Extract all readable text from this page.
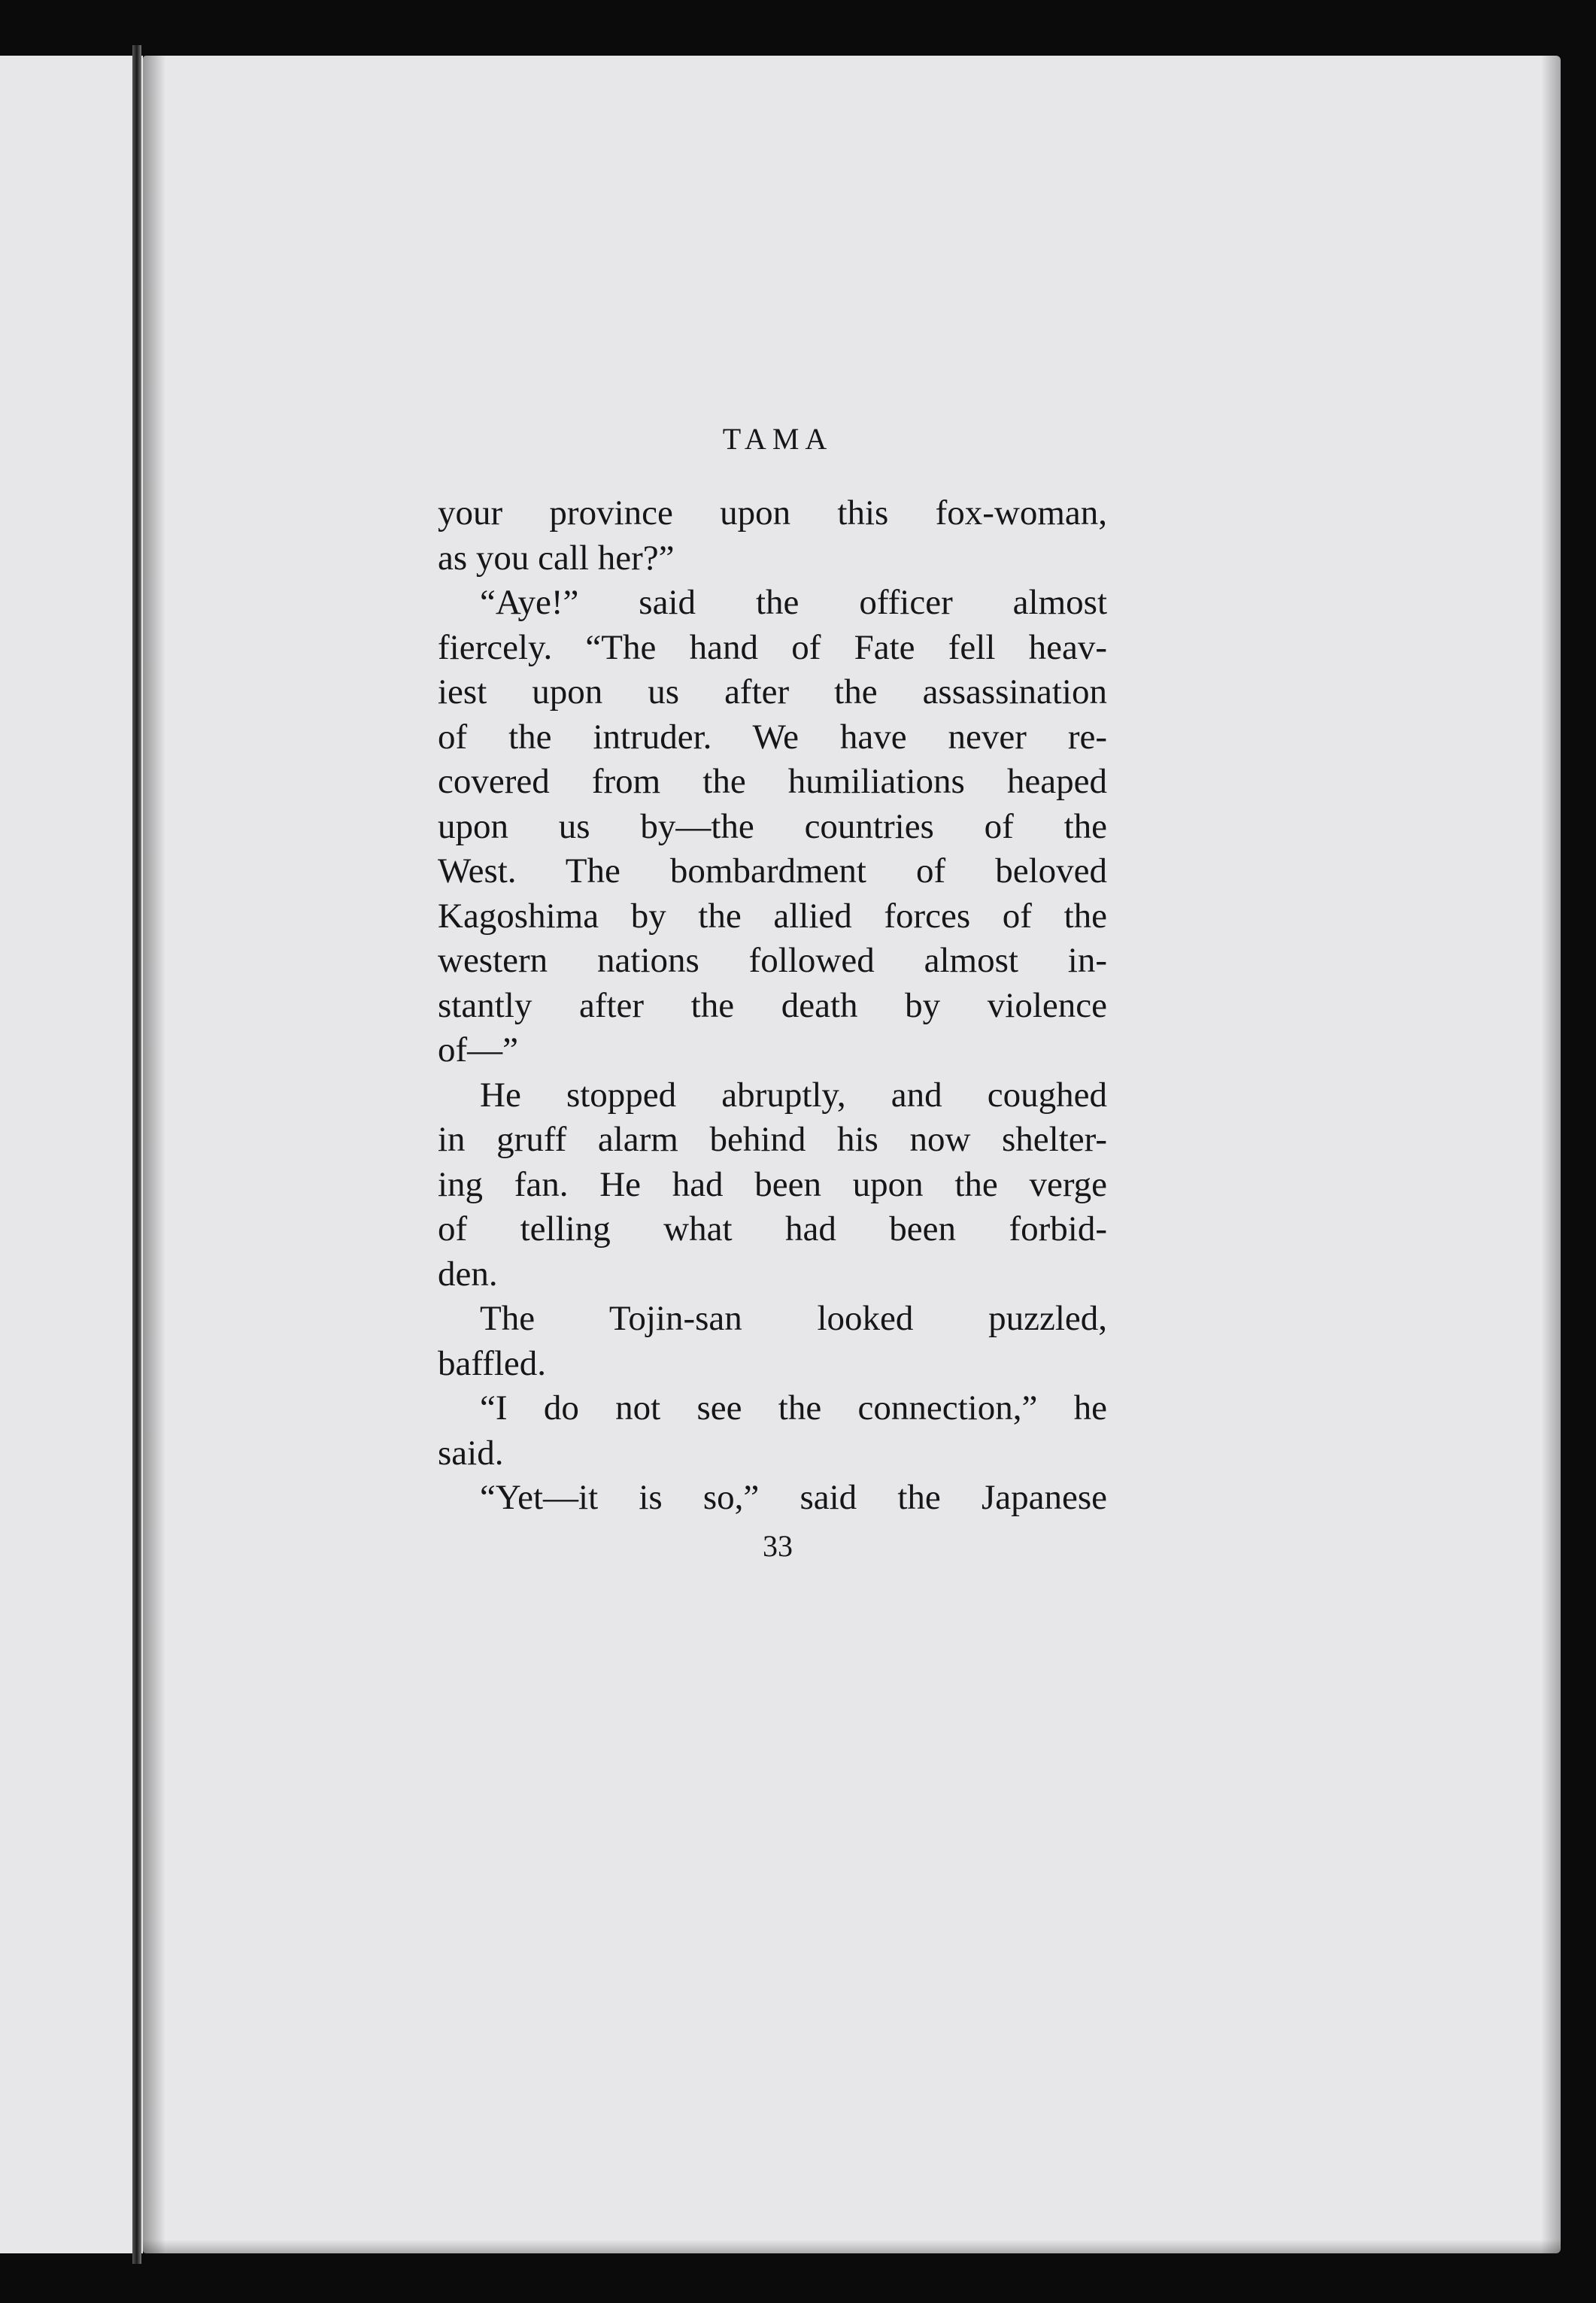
TAMA
your province upon this fox-woman,
as you call her?”
“Aye!” said the officer almost
fiercely. “The hand of Fate fell heav-
iest upon us after the assassination
of the intruder. We have never re-
covered from the humiliations heaped
upon us by—the countries of the
West. The bombardment of beloved
Kagoshima by the allied forces of the
western nations followed almost in-
stantly after the death by violence
of—”
He stopped abruptly, and coughed
in gruff alarm behind his now shelter-
ing fan. He had been upon the verge
of telling what had been forbid-
den.
The Tojin-san looked puzzled,
baffled.
“I do not see the connection,” he
said.
“Yet—it is so,” said the Japanese
33
